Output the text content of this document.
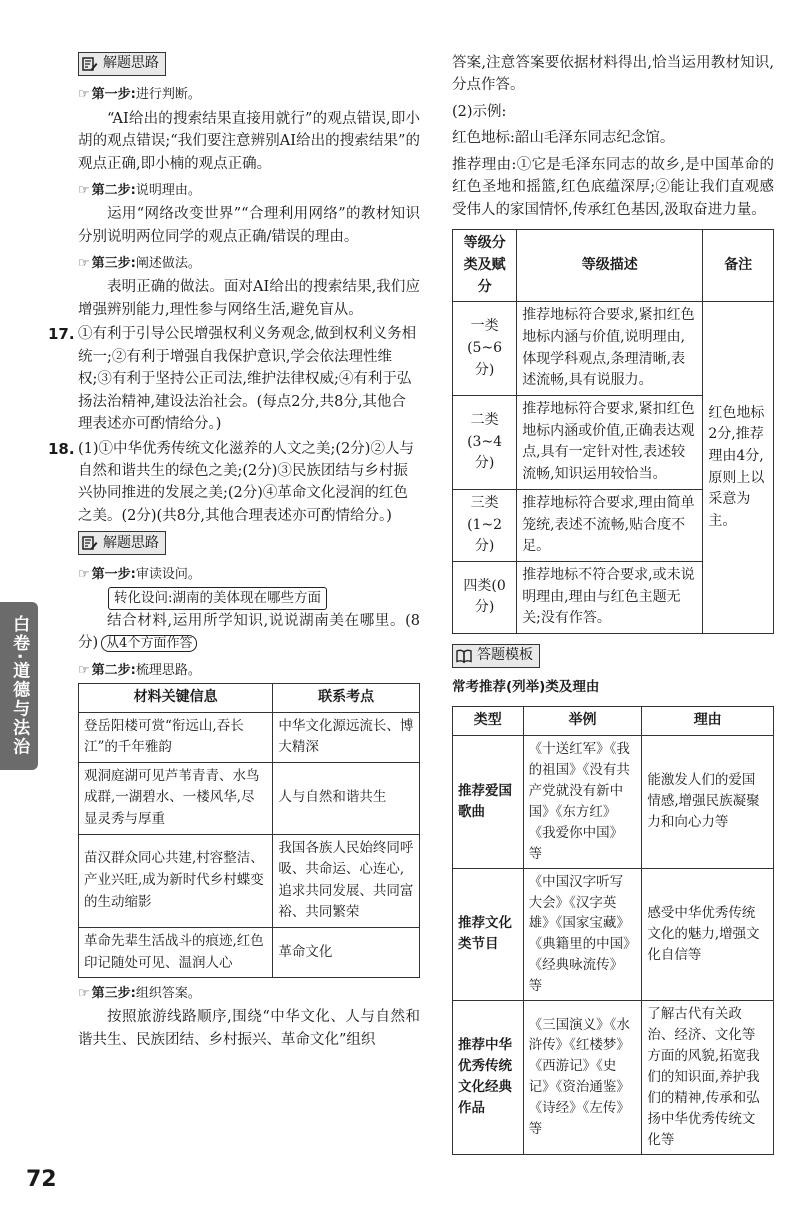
解题思路
☞ 第一步:进行判断。

“AI给出的搜索结果直接用就行”的观点错误,即小胡的观点错误;“我们要注意辨别AI给出的搜索结果”的观点正确,即小楠的观点正确。

☞ 第二步:说明理由。

运用“网络改变世界”“合理利用网络”的教材知识分别说明两位同学的观点正确/错误的理由。

☞ 第三步:阐述做法。

表明正确的做法。面对AI给出的搜索结果,我们应增强辨别能力,理性参与网络生活,避免盲从。

17. ①有利于引导公民增强权利义务观念,做到权利义务相统一;②有利于增强自我保护意识,学会依法理性维权;③有利于坚持公正司法,维护法律权威;④有利于弘扬法治精神,建设法治社会。(每点2分,共8分,其他合理表述亦可酌情给分。)
18. (1)①中华优秀传统文化滋养的人文之美;(2分)②人与自然和谐共生的绿色之美;(2分)③民族团结与乡村振兴协同推进的发展之美;(2分)④革命文化浸润的红色之美。(2分)(共8分,其他合理表述亦可酌情给分。)
解题思路
☞ 第一步:审读设问。
转化设问:湖南的美体现在哪些方面

结合材料,运用所学知识,说说湖南美在哪里。(8分) 从4个方面作答

☞ 第二步:梳理思路。
材料关键信息	联系考点
登岳阳楼可赏“衔远山,吞长江”的千年雅韵	中华文化源远流长、博大精深
观洞庭湖可见芦苇青青、水鸟成群,一湖碧水、一楼风华,尽显灵秀与厚重	人与自然和谐共生
苗汉群众同心共建,村容整洁、产业兴旺,成为新时代乡村蝶变的生动缩影	我国各族人民始终同呼吸、共命运、心连心,追求共同发展、共同富裕、共同繁荣
革命先辈生活战斗的痕迹,红色印记随处可见、温润人心	革命文化
☞ 第三步:组织答案。

按照旅游线路顺序,围绕“中华文化、人与自然和谐共生、民族团结、乡村振兴、革命文化”组织

答案,注意答案要依据材料得出,恰当运用教材知识,分点作答。

(2)示例:

红色地标:韶山毛泽东同志纪念馆。

推荐理由:①它是毛泽东同志的故乡,是中国革命的红色圣地和摇篮,红色底蕴深厚;②能让我们直观感受伟人的家国情怀,传承红色基因,汲取奋进力量。

等级分类及赋分	等级描述	备注
一类(5~6分)	推荐地标符合要求,紧扣红色地标内涵与价值,说明理由,体现学科观点,条理清晰,表述流畅,具有说服力。	红色地标2分,推荐理由4分,原则上以采意为主。
二类(3~4分)	推荐地标符合要求,紧扣红色地标内涵或价值,正确表达观点,具有一定针对性,表述较流畅,知识运用较恰当。	
三类(1~2分)	推荐地标符合要求,理由简单笼统,表述不流畅,贴合度不足。	
四类(0分)	推荐地标不符合要求,或未说明理由,理由与红色主题无关;没有作答。	
答题模板
常考推荐(列举)类及理由
类型	举例	理由
推荐爱国歌曲	《十送红军》《我的祖国》《没有共产党就没有新中国》《东方红》《我爱你中国》等	能激发人们的爱国情感,增强民族凝聚力和向心力等
推荐文化类节目	《中国汉字听写大会》《汉字英雄》《国家宝藏》《典籍里的中国》《经典咏流传》等	感受中华优秀传统文化的魅力,增强文化自信等
推荐中华优秀传统文化经典作品	《三国演义》《水浒传》《红楼梦》《西游记》《史记》《资治通鉴》《诗经》《左传》等	了解古代有关政治、经济、文化等方面的风貌,拓宽我们的知识面,养护我们的精神,传承和弘扬中华优秀传统文化等
白卷·道德与法治
72
